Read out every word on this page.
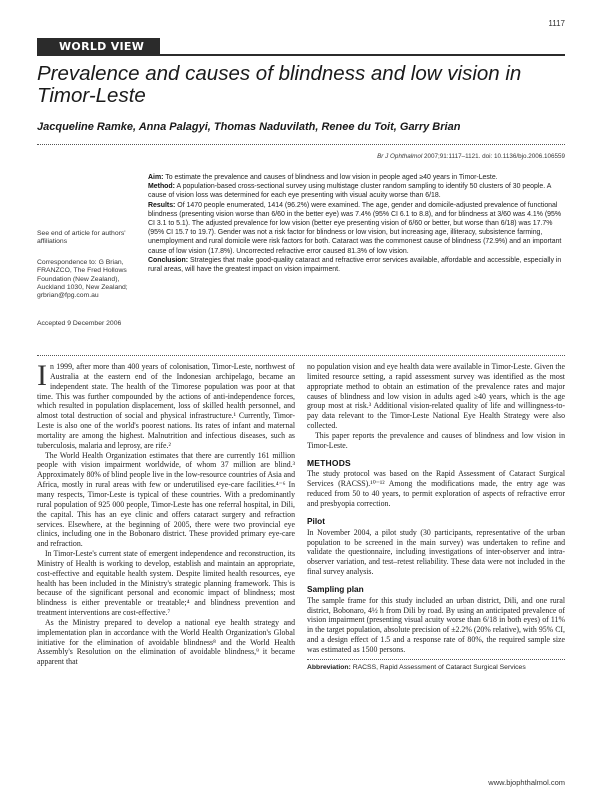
1117
WORLD VIEW
Prevalence and causes of blindness and low vision in Timor-Leste
Jacqueline Ramke, Anna Palagyi, Thomas Naduvilath, Renee du Toit, Garry Brian
Br J Ophthalmol 2007;91:1117–1121. doi: 10.1136/bjo.2006.106559
See end of article for authors' affiliations
Correspondence to: G Brian, FRANZCO, The Fred Hollows Foundation (New Zealand), Auckland 1030, New Zealand; grbrian@fpg.com.au
Accepted 9 December 2006

Aim: To estimate the prevalence and causes of blindness and low vision in people aged ≥40 years in Timor-Leste.

Method: A population-based cross-sectional survey using multistage cluster random sampling to identify 50 clusters of 30 people. A cause of vision loss was determined for each eye presenting with visual acuity worse than 6/18.

Results: Of 1470 people enumerated, 1414 (96.2%) were examined. The age, gender and domicile-adjusted prevalence of functional blindness (presenting vision worse than 6/60 in the better eye) was 7.4% (95% CI 6.1 to 8.8), and for blindness at 3/60 was 4.1% (95% CI 3.1 to 5.1). The adjusted prevalence for low vision (better eye presenting vision of 6/60 or better, but worse than 6/18) was 17.7% (95% CI 15.7 to 19.7). Gender was not a risk factor for blindness or low vision, but increasing age, illiteracy, subsistence farming, unemployment and rural domicile were risk factors for both. Cataract was the commonest cause of blindness (72.9%) and an important cause of low vision (17.8%). Uncorrected refractive error caused 81.3% of low vision.

Conclusion: Strategies that make good-quality cataract and refractive error services available, affordable and accessible, especially in rural areas, will have the greatest impact on vision impairment.

In 1999, after more than 400 years of colonisation, Timor-Leste, northwest of Australia at the eastern end of the Indonesian archipelago, became an independent state. The health of the Timorese population was poor at that time. This was further compounded by the actions of anti-independence forces, which resulted in population displacement, loss of skilled health personnel, and almost total destruction of social and physical infrastructure.¹ Currently, Timor-Leste is also one of the world's poorest nations. Its rates of infant and maternal mortality are among the highest. Malnutrition and infectious diseases, such as tuberculosis, malaria and leprosy, are rife.²

The World Health Organization estimates that there are currently 161 million people with vision impairment worldwide, of whom 37 million are blind.³ Approximately 80% of blind people live in the low-resource countries of Asia and Africa, mostly in rural areas with few or underutilised eye-care facilities.⁴⁻⁶ In many respects, Timor-Leste is typical of these countries. With a predominantly rural population of 925 000 people, Timor-Leste has one referral hospital, in Dili, the capital. This has an eye clinic and offers cataract surgery and refraction services. Elsewhere, at the beginning of 2005, there were two provincial eye clinics, including one in the Bobonaro district. These provided primary eye-care and refraction.

In Timor-Leste's current state of emergent independence and reconstruction, its Ministry of Health is working to develop, establish and maintain an appropriate, cost-effective and equitable health system. Despite limited health resources, eye health has been included in the Ministry's strategic planning framework. This is because of the significant personal and economic impact of blindness; most blindness is either preventable or treatable;⁴ and blindness prevention and treatment interventions are cost-effective.⁷

As the Ministry prepared to develop a national eye health strategy and implementation plan in accordance with the World Health Organization's Global initiative for the elimination of avoidable blindness⁸ and the World Health Assembly's Resolution on the elimination of avoidable blindness,⁹ it became apparent that

no population vision and eye health data were available in Timor-Leste. Given the limited resource setting, a rapid assessment survey was identified as the most appropriate method to obtain an estimation of the prevalence rates and major causes of blindness and low vision in adults aged ≥40 years, which is the age group most at risk.³ Additional vision-related quality of life and willingness-to-pay data relevant to the Timor-Leste National Eye Health Strategy were also collected.

This paper reports the prevalence and causes of blindness and low vision in Timor-Leste.

METHODS

The study protocol was based on the Rapid Assessment of Cataract Surgical Services (RACSS).¹⁰⁻¹² Among the modifications made, the entry age was reduced from 50 to 40 years, to permit exploration of aspects of refractive error and presbyopia correction.

Pilot

In November 2004, a pilot study (30 participants, representative of the urban population to be screened in the main survey) was undertaken to refine and validate the questionnaire, including investigations of inter-observer and intra-observer variation, and test–retest reliability. These data were not included in the final survey analysis.

Sampling plan

The sample frame for this study included an urban district, Dili, and one rural district, Bobonaro, 4½ h from Dili by road. By using an anticipated prevalence of vision impairment (presenting visual acuity worse than 6/18 in both eyes) of 11% in the target population, absolute precision of ±2.2% (20% relative), with 95% CI, and a design effect of 1.5 and a response rate of 80%, the required sample size was estimated as 1500 persons.

Abbreviation: RACSS, Rapid Assessment of Cataract Surgical Services
www.bjophthalmol.com
